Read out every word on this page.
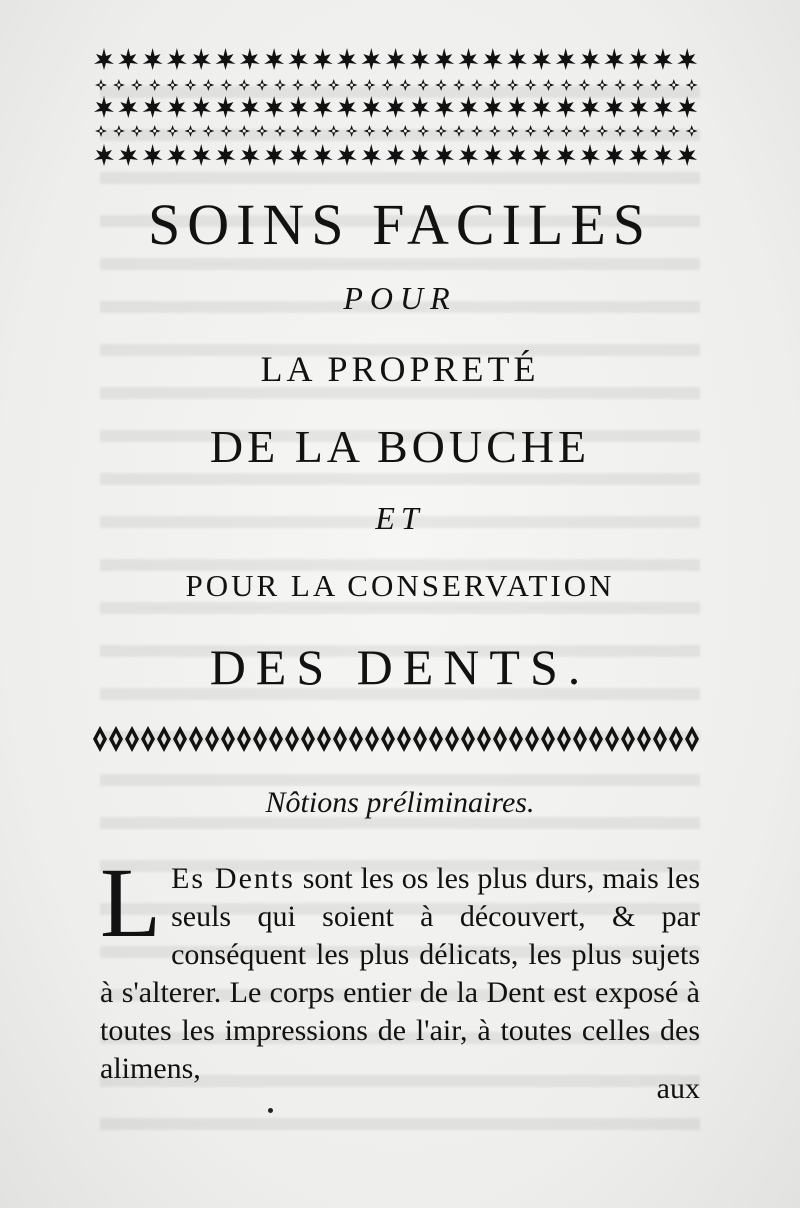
SOINS FACILES
POUR
LA PROPRETÉ
DE LA BOUCHE
ET
POUR LA CONSERVATION
DES DENTS.
Nôtions préliminaires.
L Es Dents sont les os les plus durs, mais les seuls qui soient à découvert, & par conséquent les plus délicats, les plus sujets à s'alterer. Le corps entier de la Dent est exposé à toutes les impressions de l'air, à toutes celles des alimens,
aux
